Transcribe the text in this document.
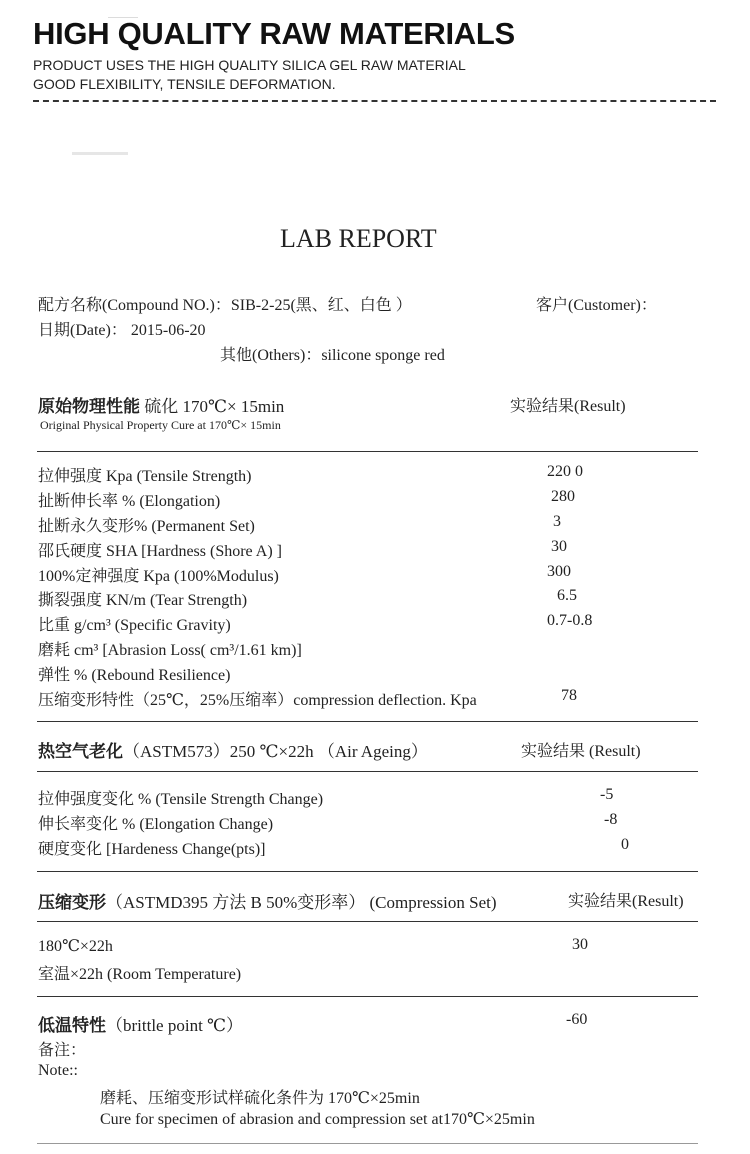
HIGH QUALITY RAW MATERIALS
PRODUCT USES THE HIGH QUALITY SILICA GEL RAW MATERIAL
GOOD FLEXIBILITY, TENSILE DEFORMATION.
LAB REPORT
配方名称(Compound NO.)：SIB-2-25(黑、红、白色 ）	客户(Customer)：
日期(Date)： 2015-06-20
其他(Others)：silicone sponge red
原始物理性能 硫化 170℃× 15min	实验结果(Result)
Original Physical Property Cure at 170℃× 15min
拉伸强度 Kpa (Tensile Strength)	220 0
扯断伸长率 % (Elongation)	280
扯断永久变形% (Permanent Set)	3
邵氏硬度 SHA [Hardness (Shore A) ]	30
100%定神强度 Kpa (100%Modulus)	300
撕裂强度 KN/m (Tear Strength)	6.5
比重 g/cm³ (Specific Gravity)	0.7-0.8
磨耗 cm³ [Abrasion Loss( cm³/1.61 km)]
弹性 % (Rebound Resilience)
压缩变形特性（25℃，25%压缩率）compression deflection. Kpa	78
热空气老化（ASTM573）250 ℃×22h （Air Ageing）	实验结果 (Result)
拉伸强度变化 % (Tensile Strength Change)	-5
伸长率变化 % (Elongation Change)	-8
硬度变化 [Hardeness Change(pts)]	0
压缩变形（ASTMD395 方法 B 50%变形率） (Compression Set)	实验结果(Result)
180℃×22h	30
室温×22h (Room Temperature)
低温特性（brittle point ℃）	-60
备注：
Note::
磨耗、压缩变形试样硫化条件为 170℃×25min
Cure for specimen of abrasion and compression set at170℃×25min
